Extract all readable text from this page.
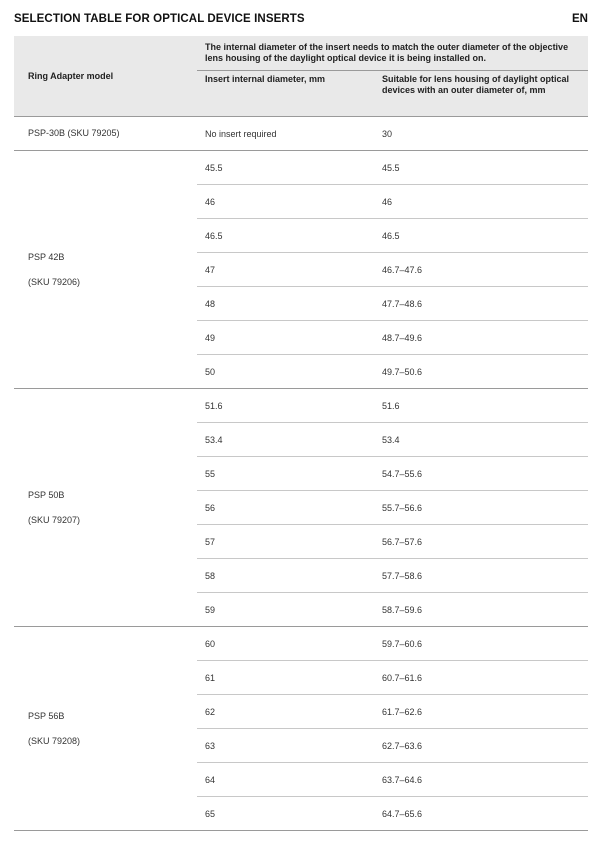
SELECTION TABLE FOR OPTICAL DEVICE INSERTS	EN
Ring Adapter model	The internal diameter of the insert needs to match the outer diameter of the objective lens housing of the daylight optical device it is being installed on.	
	Insert internal diameter, mm	Suitable for lens housing of daylight optical devices with an outer diameter of, mm
PSP-30B (SKU 79205)	No insert required	30

PSP 42B
(SKU 79206)	45.5	45.5
	46	46
	46.5	46.5
	47	46.7–47.6
	48	47.7–48.6
	49	48.7–49.6
	50	49.7–50.6

PSP 50B
(SKU 79207)	51.6	51.6
	53.4	53.4
	55	54.7–55.6
	56	55.7–56.6
	57	56.7–57.6
	58	57.7–58.6
	59	58.7–59.6

PSP 56B
(SKU 79208)	60	59.7–60.6
	61	60.7–61.6
	62	61.7–62.6
	63	62.7–63.6
	64	63.7–64.6
	65	64.7–65.6
